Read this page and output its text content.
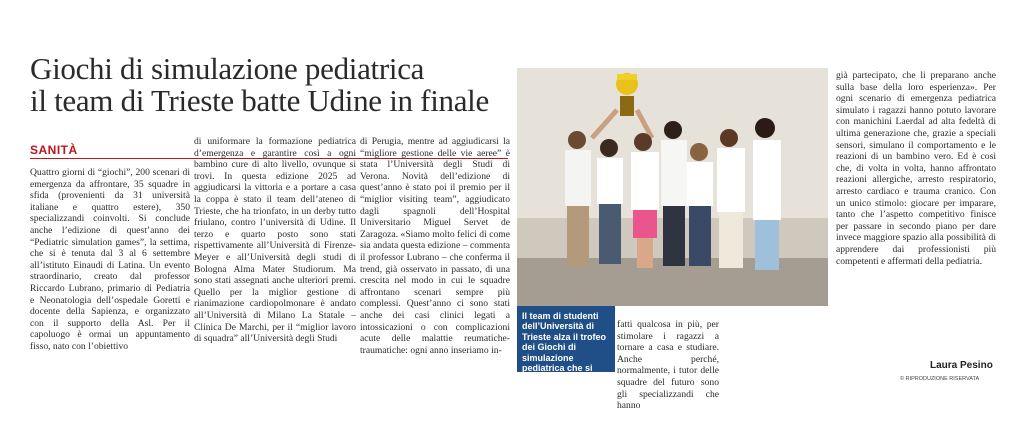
Giochi di simulazione pediatrica
il team di Trieste batte Udine in finale
SANITÀ

Quattro giorni di “giochi”, 200 scenari di emergenza da affrontare, 35 squadre in sfida (provenienti da 31 università italiane e quattro estere), 350 specializzandi coinvolti. Si conclude anche l’edizione di quest’anno dei “Pediatric simulation games”, la settima, che si è tenuta dal 3 al 6 settembre all’istituto Einaudi di Latina. Un evento straordinario, creato dal professor Riccardo Lubrano, primario di Pediatria e Neonatologia dell’ospedale Goretti e docente della Sapienza, e organizzato con il supporto della Asl. Per il capoluogo è ormai un appuntamento fisso, nato con l’obiettivo

di uniformare la formazione pediatrica d’emergenza e garantire così a ogni bambino cure di alto livello, ovunque si trovi. In questa edizione 2025 ad aggiudicarsi la vittoria e a portare a casa la coppa è stato il team dell’ateneo di Trieste, che ha trionfato, in un derby tutto friulano, contro l’università di Udine. Il terzo e quarto posto sono stati rispettivamente all’Università di Firenze-Meyer e all’Università degli studi di Bologna Alma Mater Studiorum. Ma sono stati assegnati anche ulteriori premi. Quello per la miglior gestione di rianimazione cardiopolmonare è andato all’Università di Milano La Statale – Clinica De Marchi, per il “miglior lavoro di squadra” all’Università degli Studi

di Perugia, mentre ad aggiudicarsi la “migliore gestione delle vie aeree” è stata l’Università degli Studi di Verona. Novità dell’edizione di quest’anno è stato poi il premio per il “miglior visiting team”, aggiudicato dagli spagnoli dell’Hospital Universitario Miguel Servet de Zaragoza. «Siamo molto felici di come sia andata questa edizione – commenta il professor Lubrano – che conferma il trend, già osservato in passato, di una crescita nel modo in cui le squadre affrontano scenari sempre più complessi. Quest’anno ci sono stati anche dei casi clinici legati a intossicazioni o con complicazioni acute delle malattie reumatiche-traumatiche: ogni anno inseriamo in-

Il team di studenti dell’Università di Trieste alza il trofeo dei Giochi di simulazione pediatrica che si sono svolti a Latina

fatti qualcosa in più, per stimolare i ragazzi a tornare a casa e studiare. Anche perché, normalmente, i tutor delle squadre del futuro sono gli specializzandi che hanno

già partecipato, che li preparano anche sulla base della loro esperienza». Per ogni scenario di emergenza pediatrica simulato i ragazzi hanno potuto lavorare con manichini Laerdal ad alta fedeltà di ultima generazione che, grazie a speciali sensori, simulano il comportamento e le reazioni di un bambino vero. Ed è così che, di volta in volta, hanno affrontato reazioni allergiche, arresto respiratorio, arresto cardiaco e trauma cranico. Con un unico stimolo: giocare per imparare, tanto che l’aspetto competitivo finisce per passare in secondo piano per dare invece maggiore spazio alla possibilità di apprendere dai professionisti più competenti e affermati della pediatria.

Laura Pesino
© RIPRODUZIONE RISERVATA
